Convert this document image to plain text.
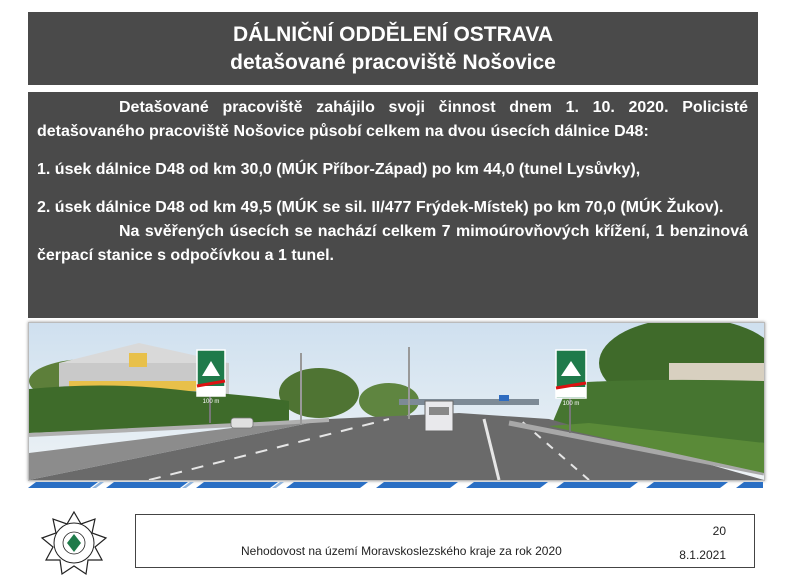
DÁLNIČNÍ ODDĚLENÍ OSTRAVA
detašované pracoviště Nošovice

Detašované pracoviště zahájilo svoji činnost dnem 1. 10. 2020. Policisté detašovaného pracoviště Nošovice působí celkem na dvou úsecích dálnice D48:

1. úsek dálnice D48 od km 30,0 (MÚK Příbor-Západ) po km 44,0 (tunel Lysůvky),

2. úsek dálnice D48 od km 49,5 (MÚK se sil. II/477 Frýdek-Místek) po km 70,0 (MÚK Žukov).

Na svěřených úsecích se nachází celkem 7 mimoúrovňových křížení, 1 benzinová čerpací stanice s odpočívkou a 1 tunel.

100 m	100 m
Nehodovost na území Moravskoslezského kraje za rok 2020
20
8.1.2021
